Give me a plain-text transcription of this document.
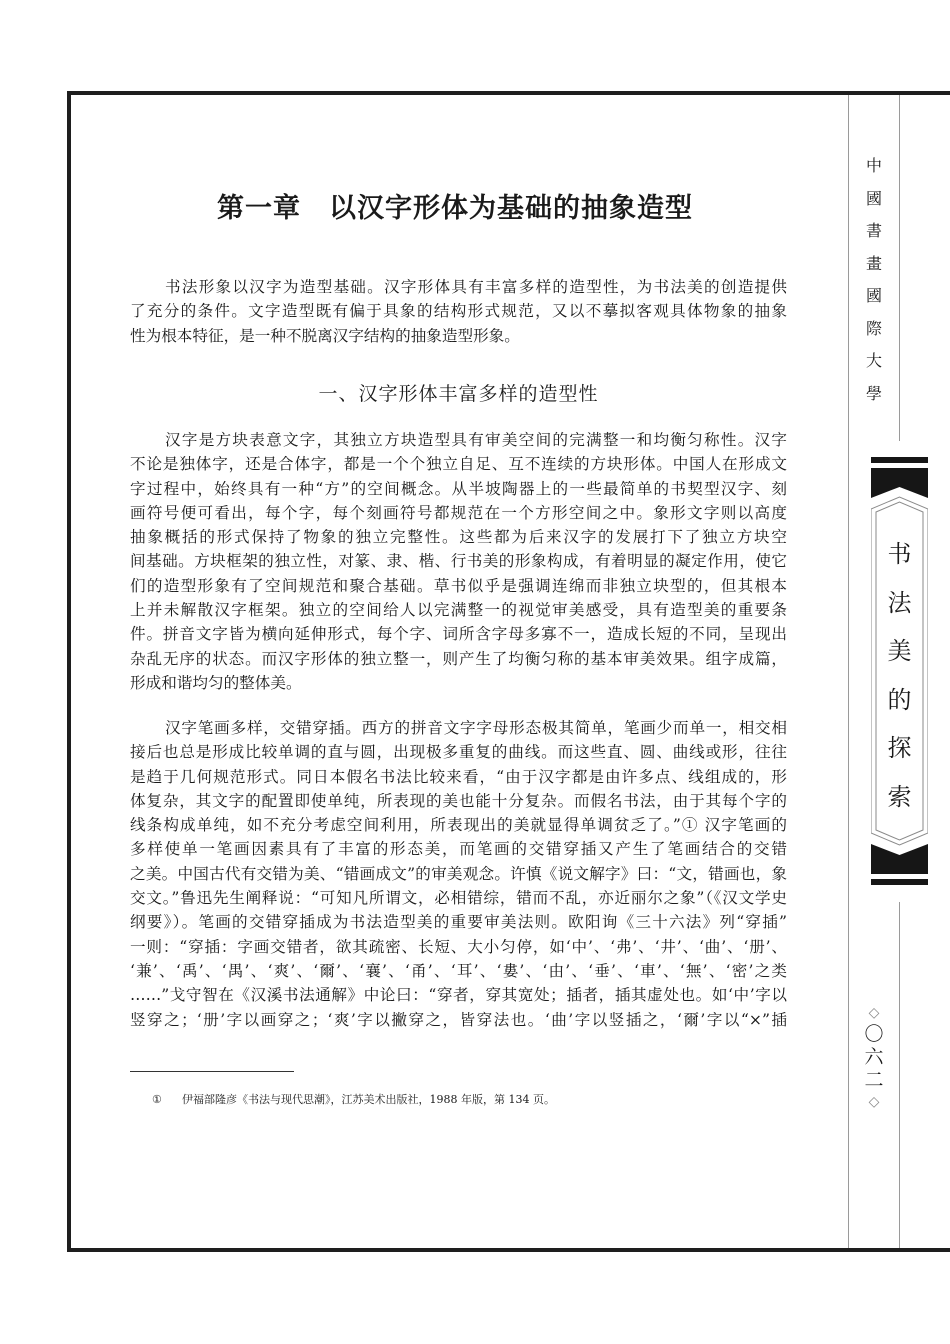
第一章　以汉字形体为基础的抽象造型
书法形象以汉字为造型基础。汉字形体具有丰富多样的造型性，为书法美的创造提供
了充分的条件。文字造型既有偏于具象的结构形式规范，又以不摹拟客观具体物象的抽象
性为根本特征，是一种不脱离汉字结构的抽象造型形象。
一、汉字形体丰富多样的造型性
汉字是方块表意文字，其独立方块造型具有审美空间的完满整一和均衡匀称性。汉字
不论是独体字，还是合体字，都是一个个独立自足、互不连续的方块形体。中国人在形成文
字过程中，始终具有一种“方”的空间概念。从半坡陶器上的一些最简单的书契型汉字、刻
画符号便可看出，每个字，每个刻画符号都规范在一个方形空间之中。象形文字则以高度
抽象概括的形式保持了物象的独立完整性。这些都为后来汉字的发展打下了独立方块空
间基础。方块框架的独立性，对篆、隶、楷、行书美的形象构成，有着明显的凝定作用，使它
们的造型形象有了空间规范和聚合基础。草书似乎是强调连绵而非独立块型的，但其根本
上并未解散汉字框架。独立的空间给人以完满整一的视觉审美感受，具有造型美的重要条
件。拼音文字皆为横向延伸形式，每个字、词所含字母多寡不一，造成长短的不同，呈现出
杂乱无序的状态。而汉字形体的独立整一，则产生了均衡匀称的基本审美效果。组字成篇，
形成和谐均匀的整体美。
汉字笔画多样，交错穿插。西方的拼音文字字母形态极其简单，笔画少而单一，相交相
接后也总是形成比较单调的直与圆，出现极多重复的曲线。而这些直、圆、曲线或形，往往
是趋于几何规范形式。同日本假名书法比较来看，“由于汉字都是由许多点、线组成的，形
体复杂，其文字的配置即使单纯，所表现的美也能十分复杂。而假名书法，由于其每个字的
线条构成单纯，如不充分考虑空间利用，所表现出的美就显得单调贫乏了。”① 汉字笔画的
多样使单一笔画因素具有了丰富的形态美，而笔画的交错穿插又产生了笔画结合的交错
之美。中国古代有交错为美、“错画成文”的审美观念。许慎《说文解字》曰：“文，错画也，象
交文。”鲁迅先生阐释说：“可知凡所谓文，必相错综，错而不乱，亦近丽尔之象”（《汉文学史
纲要》）。笔画的交错穿插成为书法造型美的重要审美法则。欧阳询《三十六法》列“穿插”
一则：“穿插：字画交错者，欲其疏密、长短、大小匀停，如‘中’、‘弗’、‘井’、‘曲’、‘册’、
‘兼’、‘禹’、‘禺’、‘爽’、‘爾’、‘襄’、‘甬’、‘耳’、‘婁’、‘由’、‘垂’、‘車’、‘無’、‘密’之类
……”戈守智在《汉溪书法通解》中论曰：“穿者，穿其宽处；插者，插其虚处也。如‘中’字以
竖穿之；‘册’字以画穿之；‘爽’字以撇穿之，皆穿法也。‘曲’字以竖插之，‘爾’字以“×”插
① 伊福部隆彦《书法与现代思潮》，江苏美术出版社，1988 年版，第 134 页。
中
國
書
畫
國
際
大
學
书
法
美
的
探
索
◇
〇
六
二
◇
